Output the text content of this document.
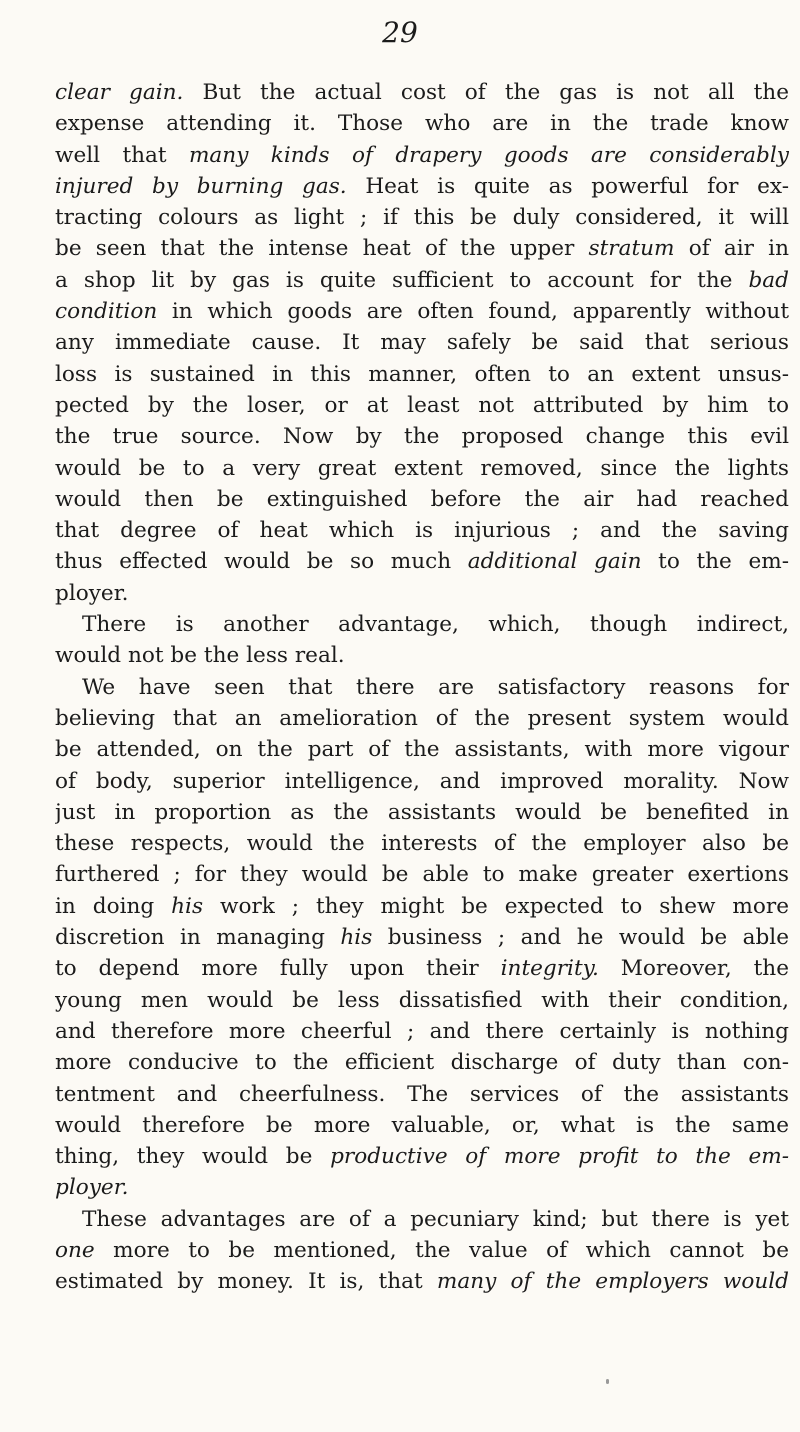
29
clear gain. But the actual cost of the gas is not all the
expense attending it. Those who are in the trade know
well that many kinds of drapery goods are considerably
injured by burning gas. Heat is quite as powerful for ex-
tracting colours as light ; if this be duly considered, it will
be seen that the intense heat of the upper stratum of air in
a shop lit by gas is quite sufficient to account for the bad
condition in which goods are often found, apparently without
any immediate cause. It may safely be said that serious
loss is sustained in this manner, often to an extent unsus-
pected by the loser, or at least not attributed by him to
the true source. Now by the proposed change this evil
would be to a very great extent removed, since the lights
would then be extinguished before the air had reached
that degree of heat which is injurious ; and the saving
thus effected would be so much additional gain to the em-
ployer.
There is another advantage, which, though indirect,
would not be the less real.
We have seen that there are satisfactory reasons for
believing that an amelioration of the present system would
be attended, on the part of the assistants, with more vigour
of body, superior intelligence, and improved morality. Now
just in proportion as the assistants would be benefited in
these respects, would the interests of the employer also be
furthered ; for they would be able to make greater exertions
in doing his work ; they might be expected to shew more
discretion in managing his business ; and he would be able
to depend more fully upon their integrity. Moreover, the
young men would be less dissatisfied with their condition,
and therefore more cheerful ; and there certainly is nothing
more conducive to the efficient discharge of duty than con-
tentment and cheerfulness. The services of the assistants
would therefore be more valuable, or, what is the same
thing, they would be productive of more profit to the em-
ployer.
These advantages are of a pecuniary kind; but there is yet
one more to be mentioned, the value of which cannot be
estimated by money. It is, that many of the employers would
